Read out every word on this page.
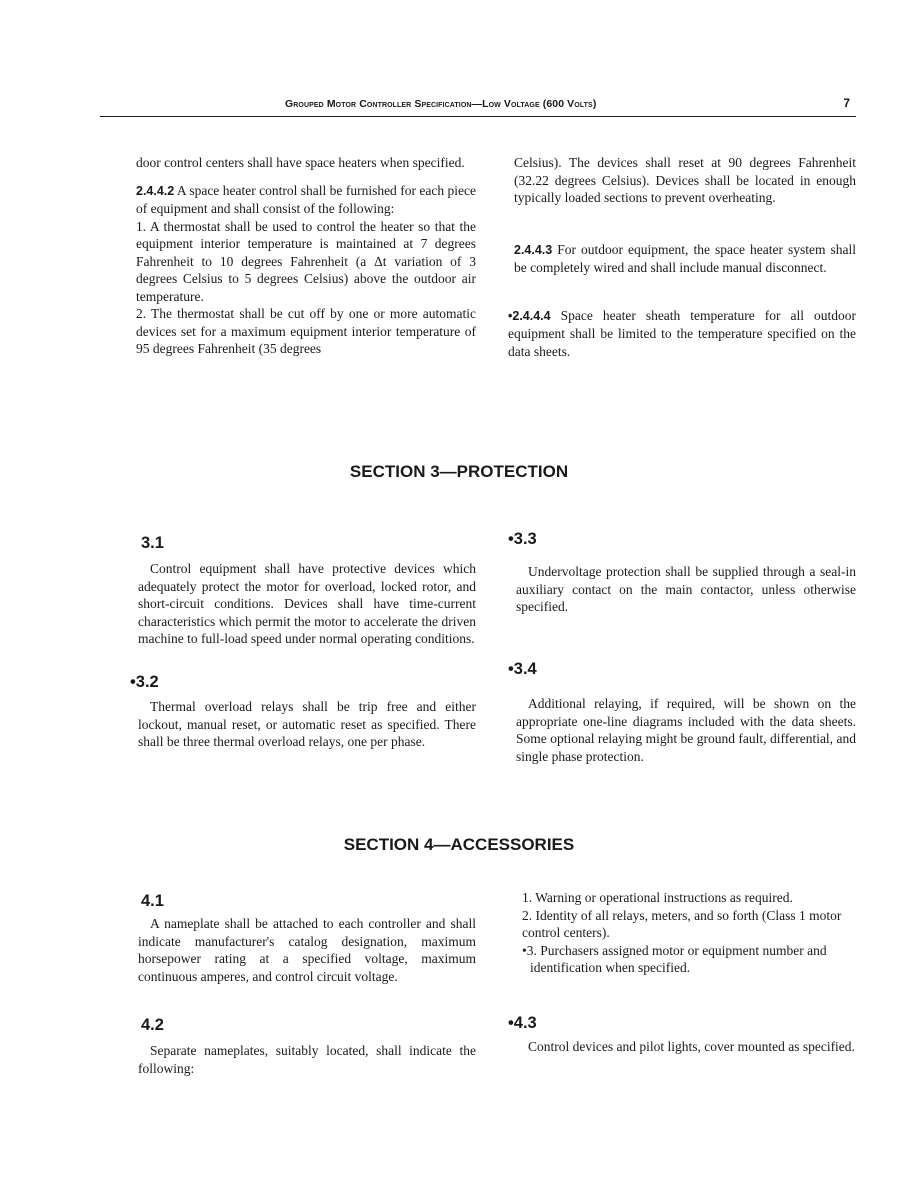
Grouped Motor Controller Specification—Low Voltage (600 Volts)	7

door control centers shall have space heaters when specified.

2.4.4.2 A space heater control shall be furnished for each piece of equipment and shall consist of the following:

1. A thermostat shall be used to control the heater so that the equipment interior temperature is maintained at 7 degrees Fahrenheit to 10 degrees Fahrenheit (a Δt variation of 3 degrees Celsius to 5 degrees Celsius) above the outdoor air temperature.

2. The thermostat shall be cut off by one or more automatic devices set for a maximum equipment interior temperature of 95 degrees Fahrenheit (35 degrees

Celsius). The devices shall reset at 90 degrees Fahrenheit (32.22 degrees Celsius). Devices shall be located in enough typically loaded sections to prevent overheating.

2.4.4.3 For outdoor equipment, the space heater system shall be completely wired and shall include manual disconnect.

•2.4.4.4 Space heater sheath temperature for all outdoor equipment shall be limited to the temperature specified on the data sheets.

SECTION 3—PROTECTION
3.1
Control equipment shall have protective devices which adequately protect the motor for overload, locked rotor, and short-circuit conditions. Devices shall have time-current characteristics which permit the motor to accelerate the driven machine to full-load speed under normal operating conditions.
•3.2
Thermal overload relays shall be trip free and either lockout, manual reset, or automatic reset as specified. There shall be three thermal overload relays, one per phase.
•3.3
Undervoltage protection shall be supplied through a seal-in auxiliary contact on the main contactor, unless otherwise specified.
•3.4
Additional relaying, if required, will be shown on the appropriate one-line diagrams included with the data sheets. Some optional relaying might be ground fault, differential, and single phase protection.
SECTION 4—ACCESSORIES
4.1
A nameplate shall be attached to each controller and shall indicate manufacturer's catalog designation, maximum horsepower rating at a specified voltage, maximum continuous amperes, and control circuit voltage.
4.2
Separate nameplates, suitably located, shall indicate the following:

1. Warning or operational instructions as required.

2. Identity of all relays, meters, and so forth (Class 1 motor control centers).

•3. Purchasers assigned motor or equipment number and identification when specified.

•4.3
Control devices and pilot lights, cover mounted as specified.
